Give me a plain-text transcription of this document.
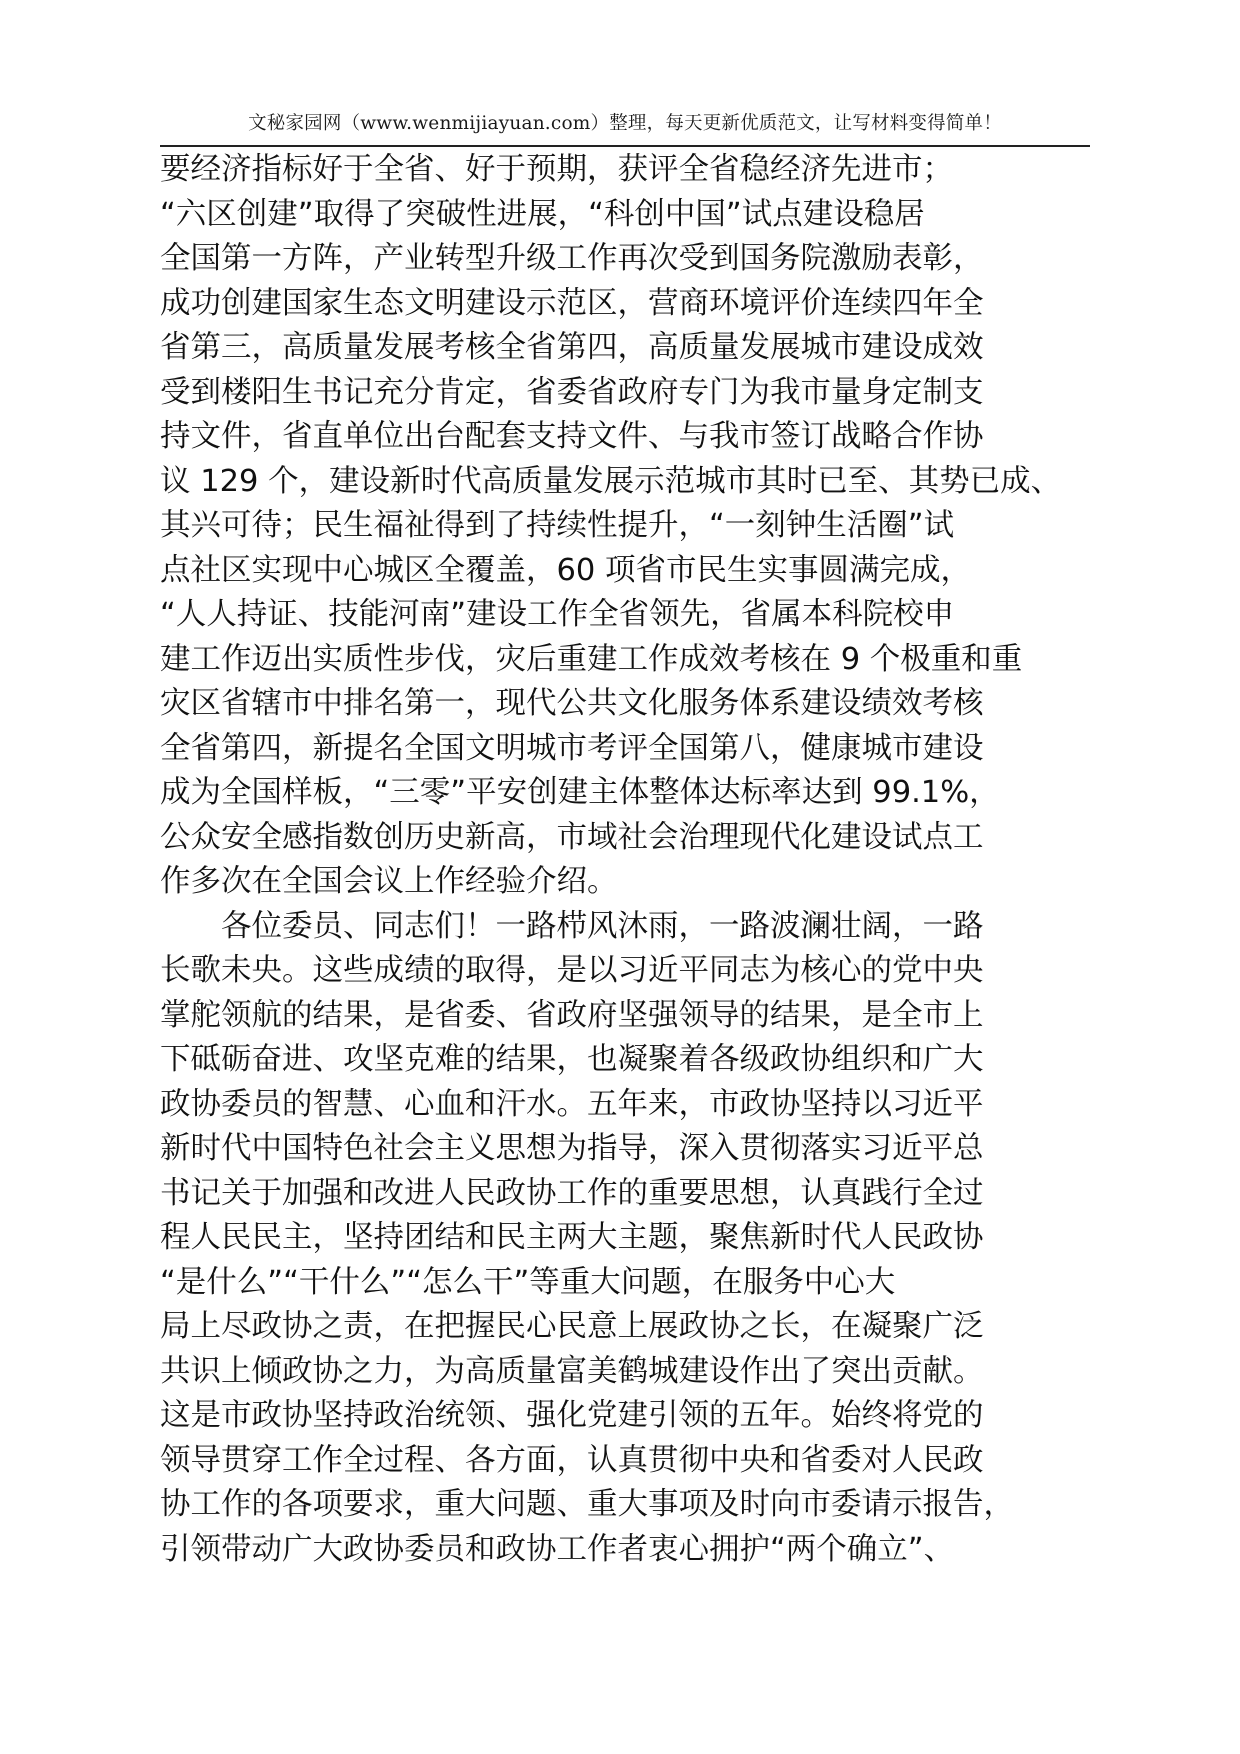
文秘家园网（www.wenmijiayuan.com）整理，每天更新优质范文，让写材料变得简单！
要经济指标好于全省、好于预期，获评全省稳经济先进市；
“六区创建”取得了突破性进展，“科创中国”试点建设稳居
全国第一方阵，产业转型升级工作再次受到国务院激励表彰，
成功创建国家生态文明建设示范区，营商环境评价连续四年全
省第三，高质量发展考核全省第四，高质量发展城市建设成效
受到楼阳生书记充分肯定，省委省政府专门为我市量身定制支
持文件，省直单位出台配套支持文件、与我市签订战略合作协
议 129 个，建设新时代高质量发展示范城市其时已至、其势已成、
其兴可待；民生福祉得到了持续性提升，“一刻钟生活圈”试
点社区实现中心城区全覆盖，60 项省市民生实事圆满完成，
“人人持证、技能河南”建设工作全省领先，省属本科院校申
建工作迈出实质性步伐，灾后重建工作成效考核在 9 个极重和重
灾区省辖市中排名第一，现代公共文化服务体系建设绩效考核
全省第四，新提名全国文明城市考评全国第八，健康城市建设
成为全国样板，“三零”平安创建主体整体达标率达到 99.1%，
公众安全感指数创历史新高，市域社会治理现代化建设试点工
作多次在全国会议上作经验介绍。
各位委员、同志们！一路栉风沐雨，一路波澜壮阔，一路
长歌未央。这些成绩的取得，是以习近平同志为核心的党中央
掌舵领航的结果，是省委、省政府坚强领导的结果，是全市上
下砥砺奋进、攻坚克难的结果，也凝聚着各级政协组织和广大
政协委员的智慧、心血和汗水。五年来，市政协坚持以习近平
新时代中国特色社会主义思想为指导，深入贯彻落实习近平总
书记关于加强和改进人民政协工作的重要思想，认真践行全过
程人民民主，坚持团结和民主两大主题，聚焦新时代人民政协
“是什么”“干什么”“怎么干”等重大问题，在服务中心大
局上尽政协之责，在把握民心民意上展政协之长，在凝聚广泛
共识上倾政协之力，为高质量富美鹤城建设作出了突出贡献。
这是市政协坚持政治统领、强化党建引领的五年。始终将党的
领导贯穿工作全过程、各方面，认真贯彻中央和省委对人民政
协工作的各项要求，重大问题、重大事项及时向市委请示报告，
引领带动广大政协委员和政协工作者衷心拥护“两个确立”、
